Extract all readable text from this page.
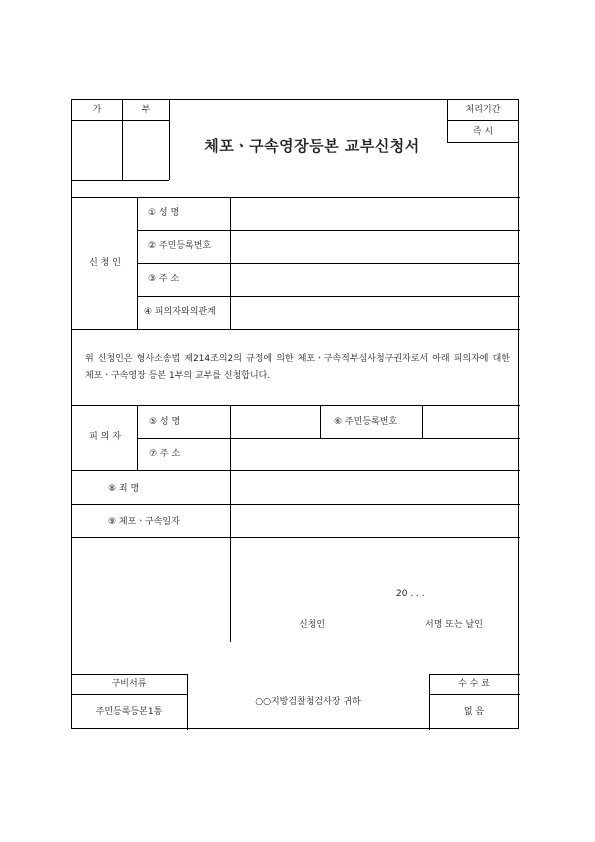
가	부
체포ㆍ구속영장등본 교부신청서
처리기간
즉 시
신 청 인
① 성 명
② 주민등록번호
③ 주 소
④ 피의자와의관계
위 신청인은 형사소송법 제214조의2의 규정에 의한 체포ㆍ구속적부심사청구권자로서 아래 피의자에 대한 체포ㆍ구속영장 등본 1부의 교부를 신청합니다.
피 의 자
⑤ 성 명	⑥ 주민등록번호
⑦ 주 소
⑧ 죄 명
⑨ 체포ㆍ구속일자
20 . . .
신청인	서명 또는 날인
구비서류
주민등록등본1통
○○지방검찰청검사장 귀하
수 수 료
없 음
